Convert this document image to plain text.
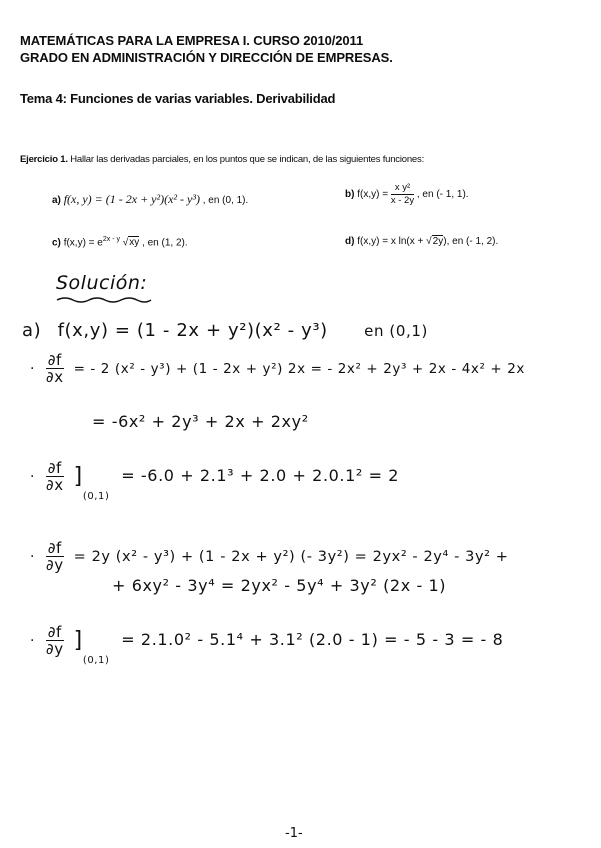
MATEMÁTICAS PARA LA EMPRESA I. CURSO 2010/2011
GRADO EN ADMINISTRACIÓN Y DIRECCIÓN DE EMPRESAS.
Tema 4: Funciones de varias variables. Derivabilidad
Ejercicio 1. Hallar las derivadas parciales, en los puntos que se indican, de las siguientes funciones:
a) f(x, y) = (1 - 2x + y²)(x² - y³) , en (0, 1).
b) $f(x,y) = \frac{\text{x y²}}{x - 2y}$ , en (- 1, 1).
c) $f(x,y) = e^{2x - y}$ √xy , en (1, 2).	d) f(x,y) = x ln(x + √2y), en (- 1, 2).
Solución:
a) f(x,y) = (1 - 2x + y²)(x² - y³) en (0,1)
· $\frac{\partial f}{\partial x}$ = - 2 (x² - y³) + (1 - 2x + y²) 2x = - 2x² + 2y³ + 2x - 4x² + 2x
= -6x² + 2y³ + 2x + 2xy²
· $\frac{\partial f}{\partial x} ]_{(0,1)} = -6.0 + 2.1^3 + 2.0 + 2.0.1^2 = 2$
· $\frac{\partial f}{\partial y} = 2y$ (x² - y³) + (1 - 2x + y²) (- 3y²) = 2yx² - 2y⁴ - 3y² +
+ 6xy² - 3y⁴ = 2yx² - 5y⁴ + 3y² (2x - 1)
· $\frac{\partial f}{\partial y} ]_{(0,1)} = 2.1.0^2 - 5.1^4 + 3.1^2$ (2.0 - 1) = - 5 - 3 = - 8
-1-
